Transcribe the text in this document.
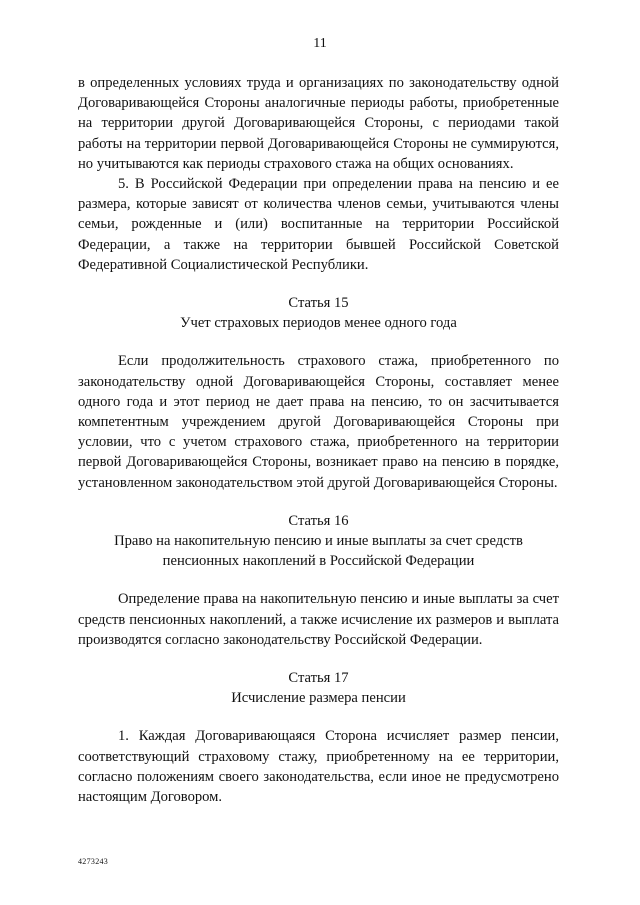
11

в определенных условиях труда и организациях по законодательству одной Договаривающейся Стороны аналогичные периоды работы, приобретенные на территории другой Договаривающейся Стороны, с периодами такой работы на территории первой Договаривающейся Стороны не суммируются, но учитываются как периоды страхового стажа на общих основаниях.

5. В Российской Федерации при определении права на пенсию и ее размера, которые зависят от количества членов семьи, учитываются члены семьи, рожденные и (или) воспитанные на территории Российской Федерации, а также на территории бывшей Российской Советской Федеративной Социалистической Республики.

Статья 15

Учет страховых периодов менее одного года

Если продолжительность страхового стажа, приобретенного по законодательству одной Договаривающейся Стороны, составляет менее одного года и этот период не дает права на пенсию, то он засчитывается компетентным учреждением другой Договаривающейся Стороны при условии, что с учетом страхового стажа, приобретенного на территории первой Договаривающейся Стороны, возникает право на пенсию в порядке, установленном законодательством этой другой Договаривающейся Стороны.

Статья 16

Право на накопительную пенсию и иные выплаты за счет средств

пенсионных накоплений в Российской Федерации

Определение права на накопительную пенсию и иные выплаты за счет средств пенсионных накоплений, а также исчисление их размеров и выплата производятся согласно законодательству Российской Федерации.

Статья 17

Исчисление размера пенсии

1. Каждая Договаривающаяся Сторона исчисляет размер пенсии, соответствующий страховому стажу, приобретенному на ее территории, согласно положениям своего законодательства, если иное не предусмотрено настоящим Договором.

4273243
